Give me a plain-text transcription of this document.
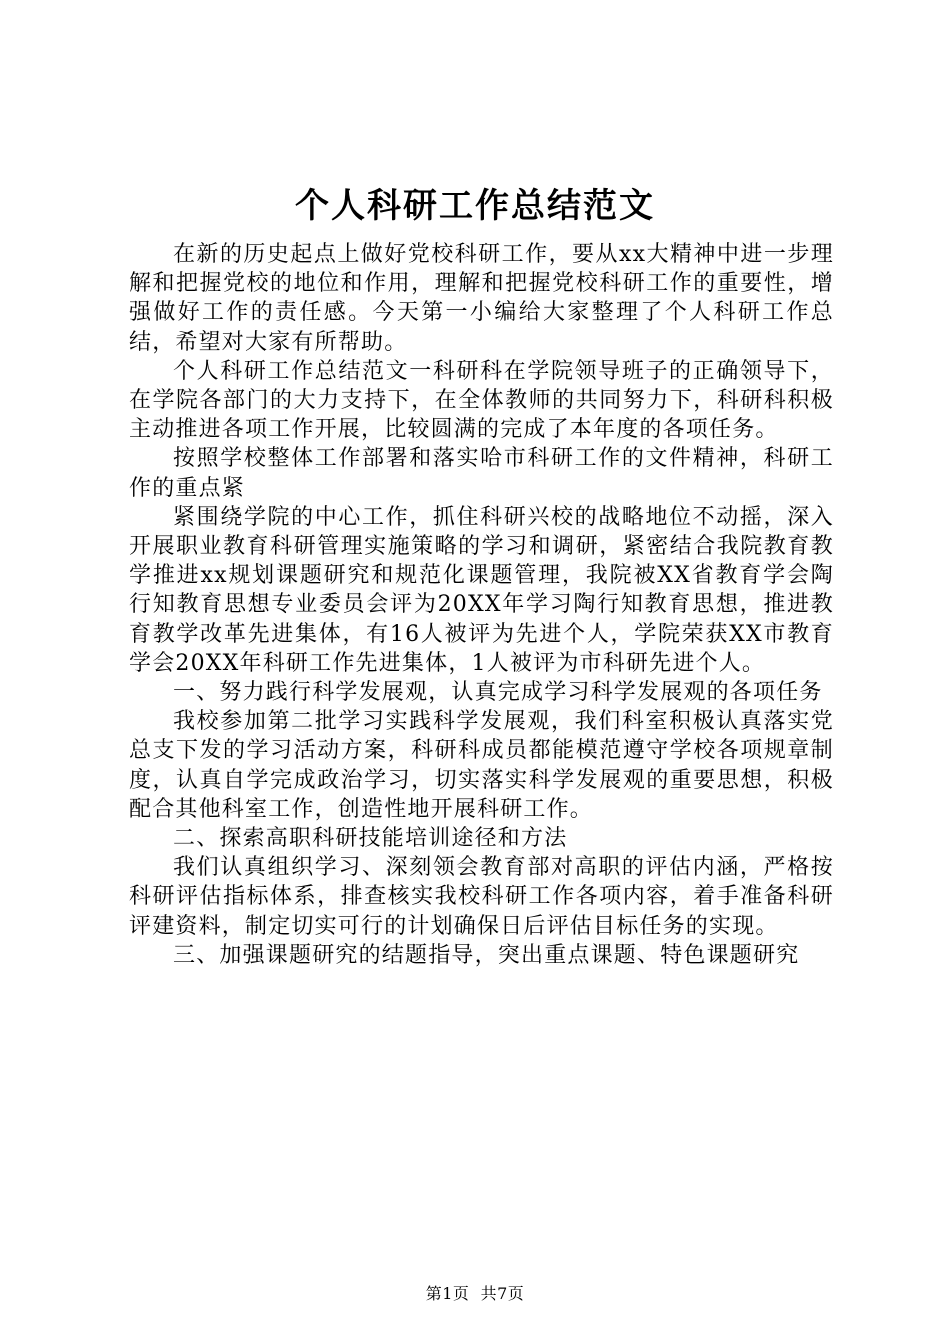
个人科研工作总结范文

在新的历史起点上做好党校科研工作，要从xx大精神中进一步理解和把握党校的地位和作用，理解和把握党校科研工作的重要性，增强做好工作的责任感。今天第一小编给大家整理了个人科研工作总结，希望对大家有所帮助。

个人科研工作总结范文一科研科在学院领导班子的正确领导下，在学院各部门的大力支持下，在全体教师的共同努力下，科研科积极主动推进各项工作开展，比较圆满的完成了本年度的各项任务。

按照学校整体工作部署和落实哈市科研工作的文件精神，科研工作的重点紧

紧围绕学院的中心工作，抓住科研兴校的战略地位不动摇，深入开展职业教育科研管理实施策略的学习和调研，紧密结合我院教育教学推进xx规划课题研究和规范化课题管理，我院被XX省教育学会陶行知教育思想专业委员会评为20XX年学习陶行知教育思想，推进教育教学改革先进集体，有16人被评为先进个人，学院荣获XX市教育学会20XX年科研工作先进集体，1人被评为市科研先进个人。

一、努力践行科学发展观，认真完成学习科学发展观的各项任务

我校参加第二批学习实践科学发展观，我们科室积极认真落实党总支下发的学习活动方案，科研科成员都能模范遵守学校各项规章制度，认真自学完成政治学习，切实落实科学发展观的重要思想，积极配合其他科室工作，创造性地开展科研工作。

二、探索高职科研技能培训途径和方法

我们认真组织学习、深刻领会教育部对高职的评估内涵，严格按科研评估指标体系，排查核实我校科研工作各项内容，着手准备科研评建资料，制定切实可行的计划确保日后评估目标任务的实现。

三、加强课题研究的结题指导，突出重点课题、特色课题研究

第1页  共7页
